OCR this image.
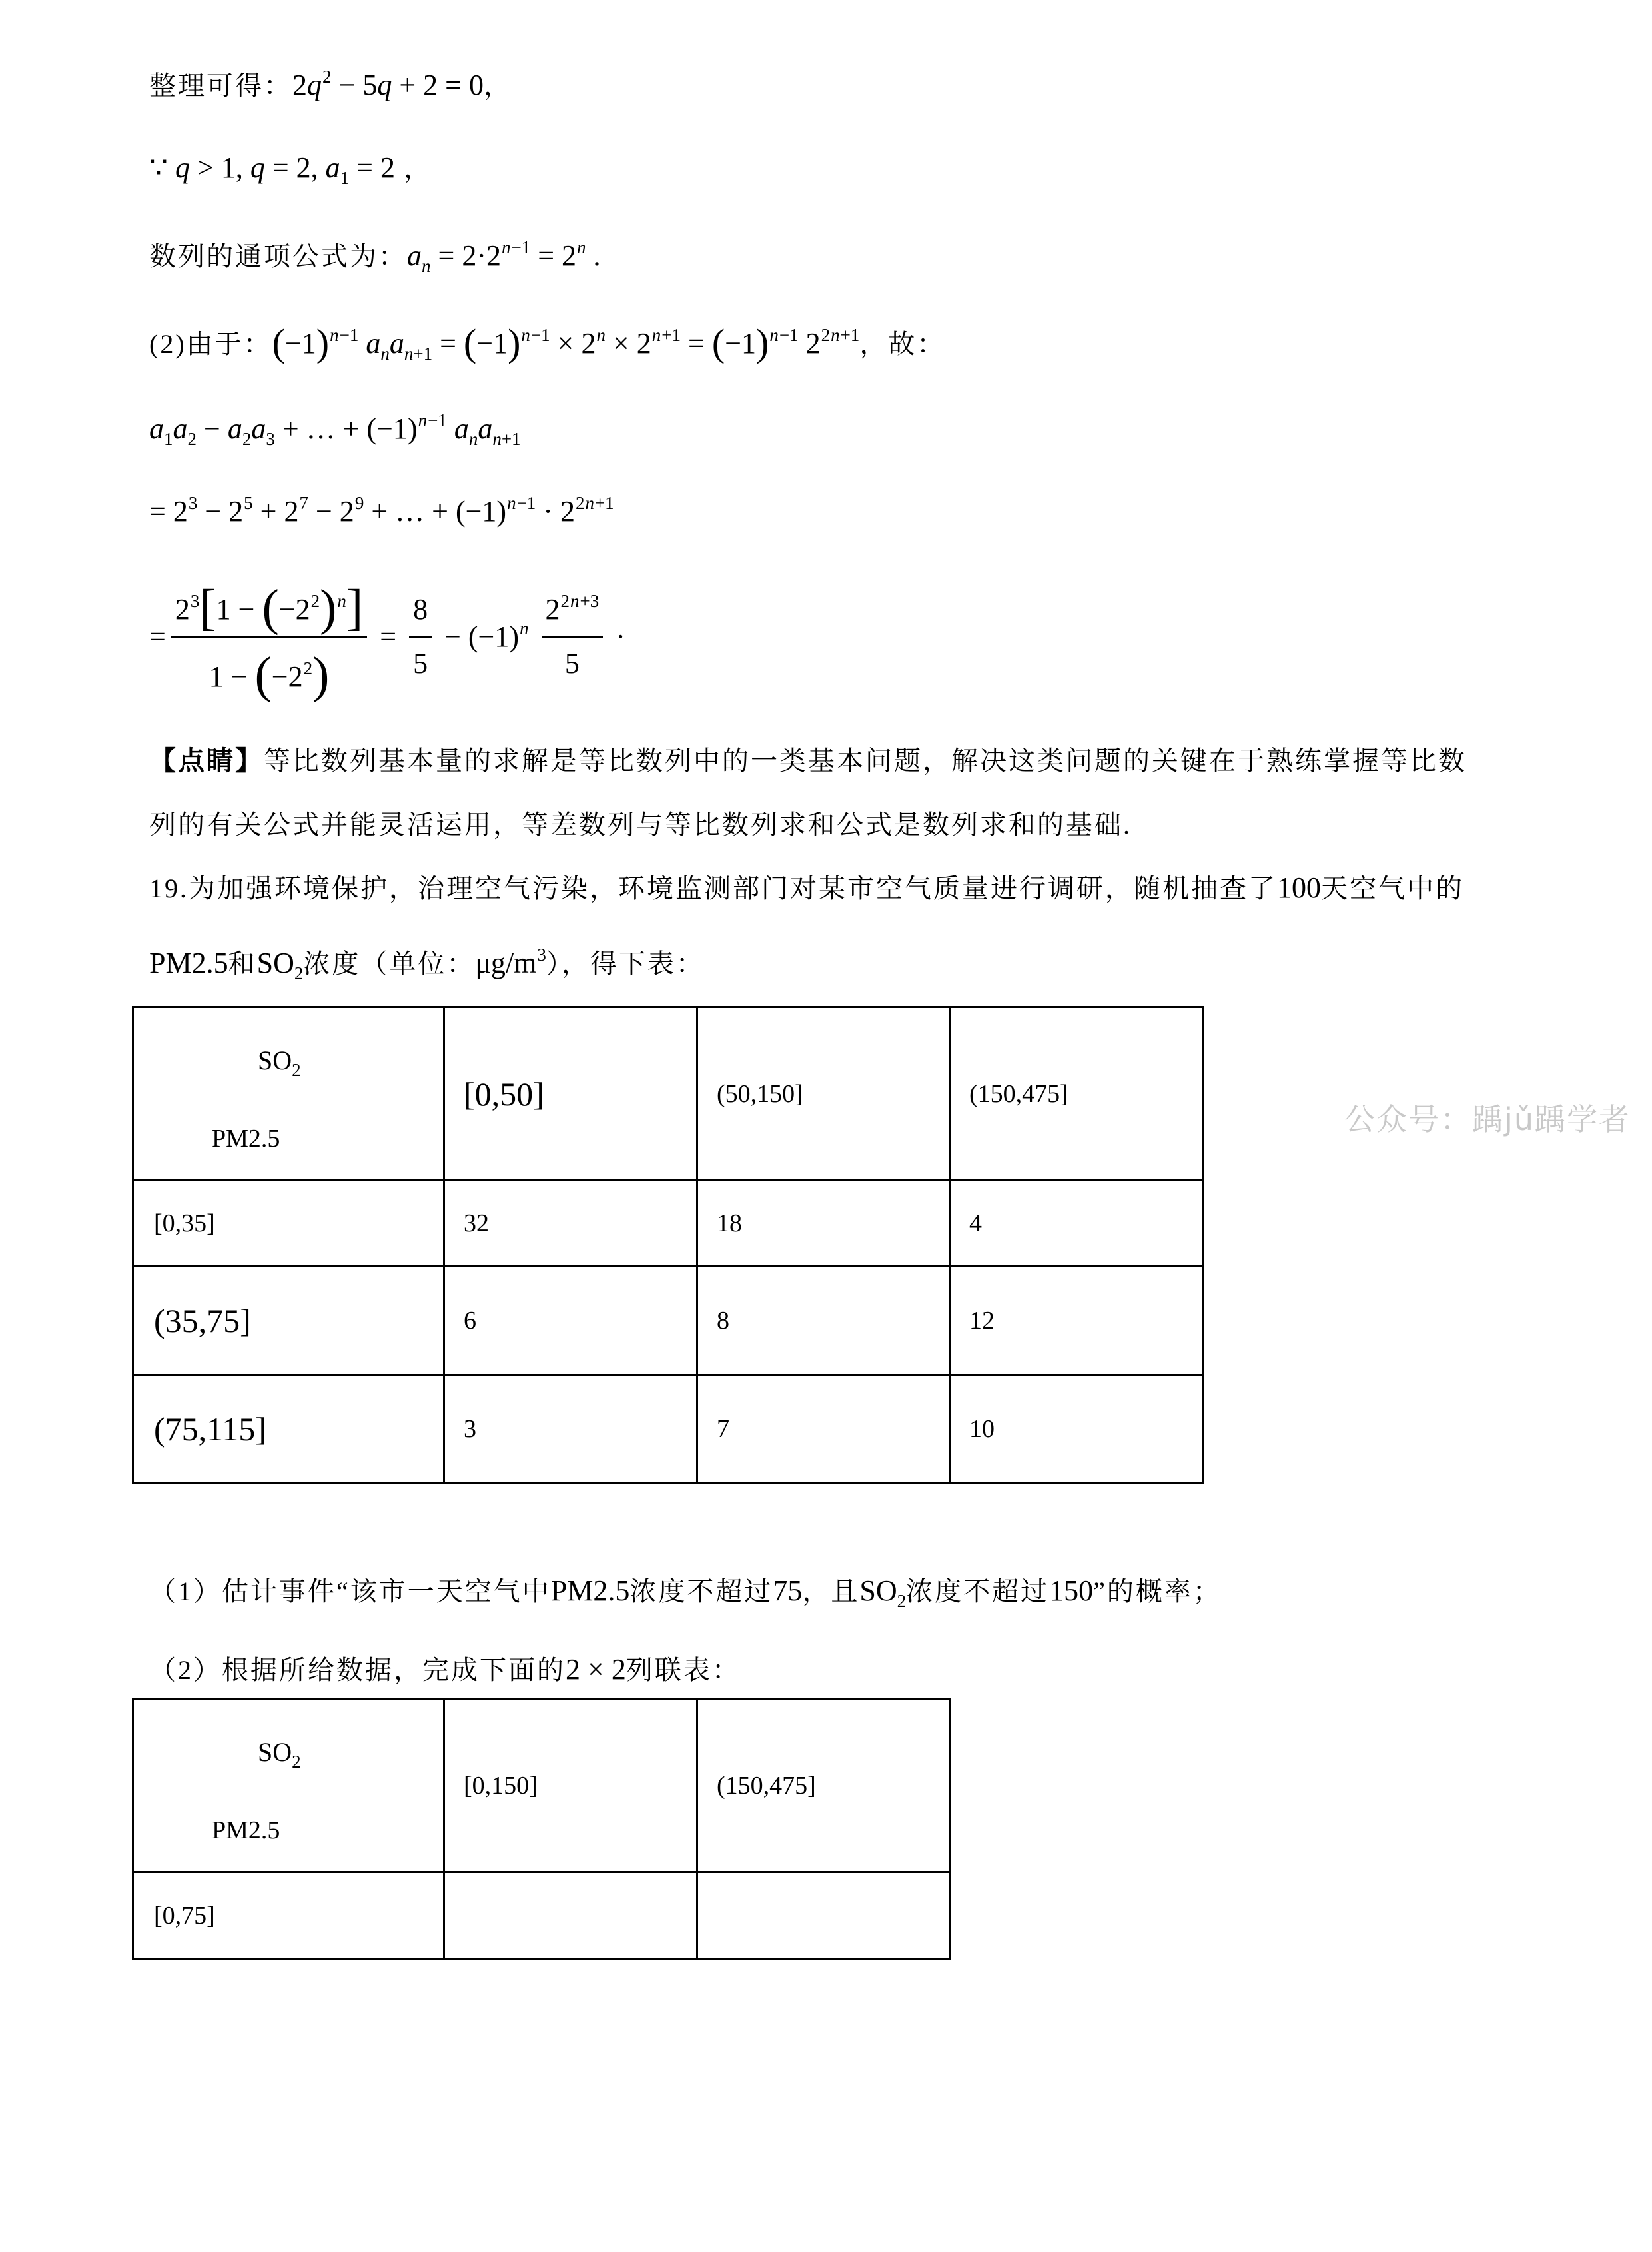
整理可得：$2q^2 - 5q + 2 = 0$，
∵ q > 1, q = 2, $a_1 = 2$ ，
数列的通项公式为：$a_n = 2\cdot 2^{n-1} = 2^n$ .
(2)由于：$(-1)^{n-1}$ $a_na_{n+1} = (-1)^{n-1} \times 2^n \times 2^{n+1} = (-1)^{n-1}$ $2^{2n+1}$，故：
$a_1a_2 - a_2a_3$ + … + $(-1)^{n-1}$ $a_na_{n+1}$
= $2^3 - 2^5 + 2^7 - 2^9$ + … + $(-1)^{n-1} \cdot 2^{2n+1}$
= $\frac{2^3[1 - (-2^2)^n]}{1 - (-2^2)} = \frac{8}{5} - (-1)^n \frac{2^{2n+3}}{5}$ ·
【点睛】等比数列基本量的求解是等比数列中的一类基本问题，解决这类问题的关键在于熟练掌握等比数
列的有关公式并能灵活运用，等差数列与等比数列求和公式是数列求和的基础.
19.为加强环境保护，治理空气污染，环境监测部门对某市空气质量进行调研，随机抽查了100天空气中的
PM2.5和$SO_2$浓度（单位：$\mu g/m^3$），得下表：
$SO_2$
PM2.5	[0,50]	(50,150]	(150,475]
[0,35]	32	18	4
(35,75]	6	8	12
(75,115]	3	7	10
公众号：踽jǔ踽学者
（1）估计事件“该市一天空气中PM2.5浓度不超过75，且$SO_2$浓度不超过150”的概率；
（2）根据所给数据，完成下面的2 × 2列联表：
$SO_2$
PM2.5	[0,150]	(150,475]
[0,75]		
